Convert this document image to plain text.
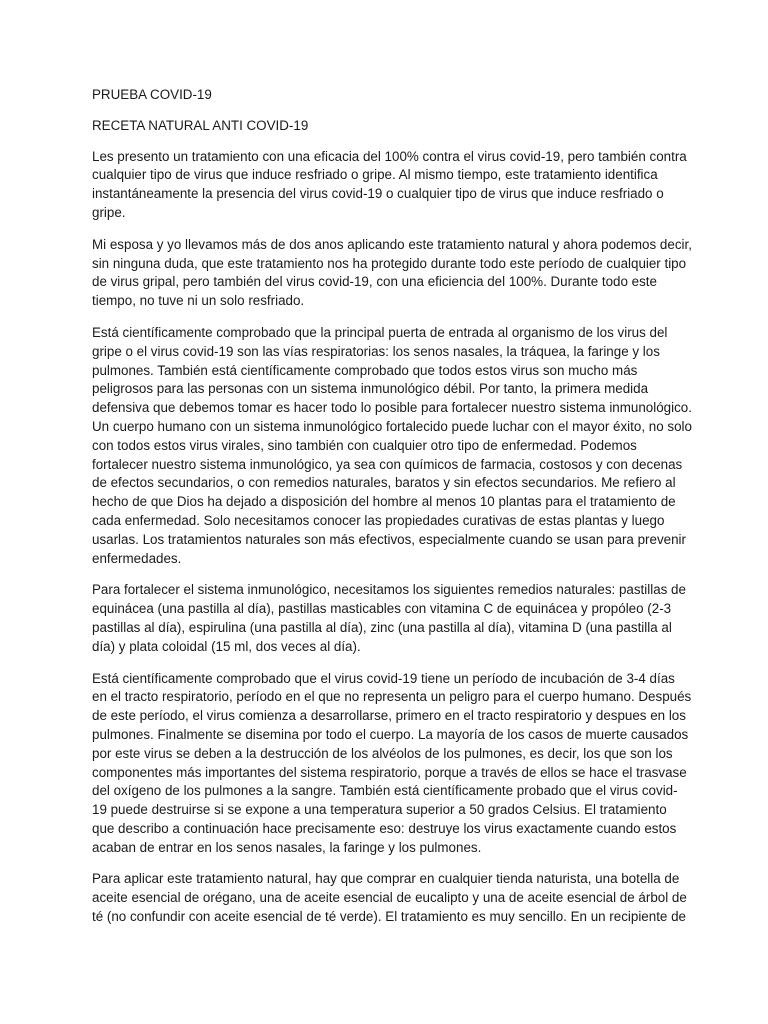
PRUEBA COVID-19

RECETA NATURAL ANTI COVID-19

Les presento un tratamiento con una eficacia del 100% contra el virus covid-19, pero también contra cualquier tipo de virus que induce resfriado o gripe. Al mismo tiempo, este tratamiento identifica instantáneamente la presencia del virus covid-19 o cualquier tipo de virus que induce resfriado o gripe.

Mi esposa y yo llevamos más de dos anos aplicando este tratamiento natural y ahora podemos decir, sin ninguna duda, que este tratamiento nos ha protegido durante todo este período de cualquier tipo de virus gripal, pero también del virus covid-19, con una eficiencia del 100%. Durante todo este tiempo, no tuve ni un solo resfriado.

Está científicamente comprobado que la principal puerta de entrada al organismo de los virus del gripe o el virus covid-19 son las vías respiratorias: los senos nasales, la tráquea, la faringe y los pulmones. También está científicamente comprobado que todos estos virus son mucho más peligrosos para las personas con un sistema inmunológico débil. Por tanto, la primera medida defensiva que debemos tomar es hacer todo lo posible para fortalecer nuestro sistema inmunológico. Un cuerpo humano con un sistema inmunológico fortalecido puede luchar con el mayor éxito, no solo con todos estos virus virales, sino también con cualquier otro tipo de enfermedad. Podemos fortalecer nuestro sistema inmunológico, ya sea con químicos de farmacia, costosos y con decenas de efectos secundarios, o con remedios naturales, baratos y sin efectos secundarios. Me refiero al hecho de que Dios ha dejado a disposición del hombre al menos 10 plantas para el tratamiento de cada enfermedad. Solo necesitamos conocer las propiedades curativas de estas plantas y luego usarlas. Los tratamientos naturales son más efectivos, especialmente cuando se usan para prevenir enfermedades.

Para fortalecer el sistema inmunológico, necesitamos los siguientes remedios naturales: pastillas de equinácea (una pastilla al día), pastillas masticables con vitamina C de equinácea y propóleo (2-3 pastillas al día), espirulina (una pastilla al día), zinc (una pastilla al día), vitamina D (una pastilla al día) y plata coloidal (15 ml, dos veces al día).

Está científicamente comprobado que el virus covid-19 tiene un período de incubación de 3-4 días en el tracto respiratorio, período en el que no representa un peligro para el cuerpo humano. Después de este período, el virus comienza a desarrollarse, primero en el tracto respiratorio y despues en los pulmones. Finalmente se disemina por todo el cuerpo. La mayoría de los casos de muerte causados por este virus se deben a la destrucción de los alvéolos de los pulmones, es decir, los que son los componentes más importantes del sistema respiratorio, porque a través de ellos se hace el trasvase del oxígeno de los pulmones a la sangre. También está científicamente probado que el virus covid-19 puede destruirse si se expone a una temperatura superior a 50 grados Celsius. El tratamiento que describo a continuación hace precisamente eso: destruye los virus exactamente cuando estos acaban de entrar en los senos nasales, la faringe y los pulmones.

Para aplicar este tratamiento natural, hay que comprar en cualquier tienda naturista, una botella de aceite esencial de orégano, una de aceite esencial de eucalipto y una de aceite esencial de árbol de té (no confundir con aceite esencial de té verde). El tratamiento es muy sencillo. En un recipiente de
